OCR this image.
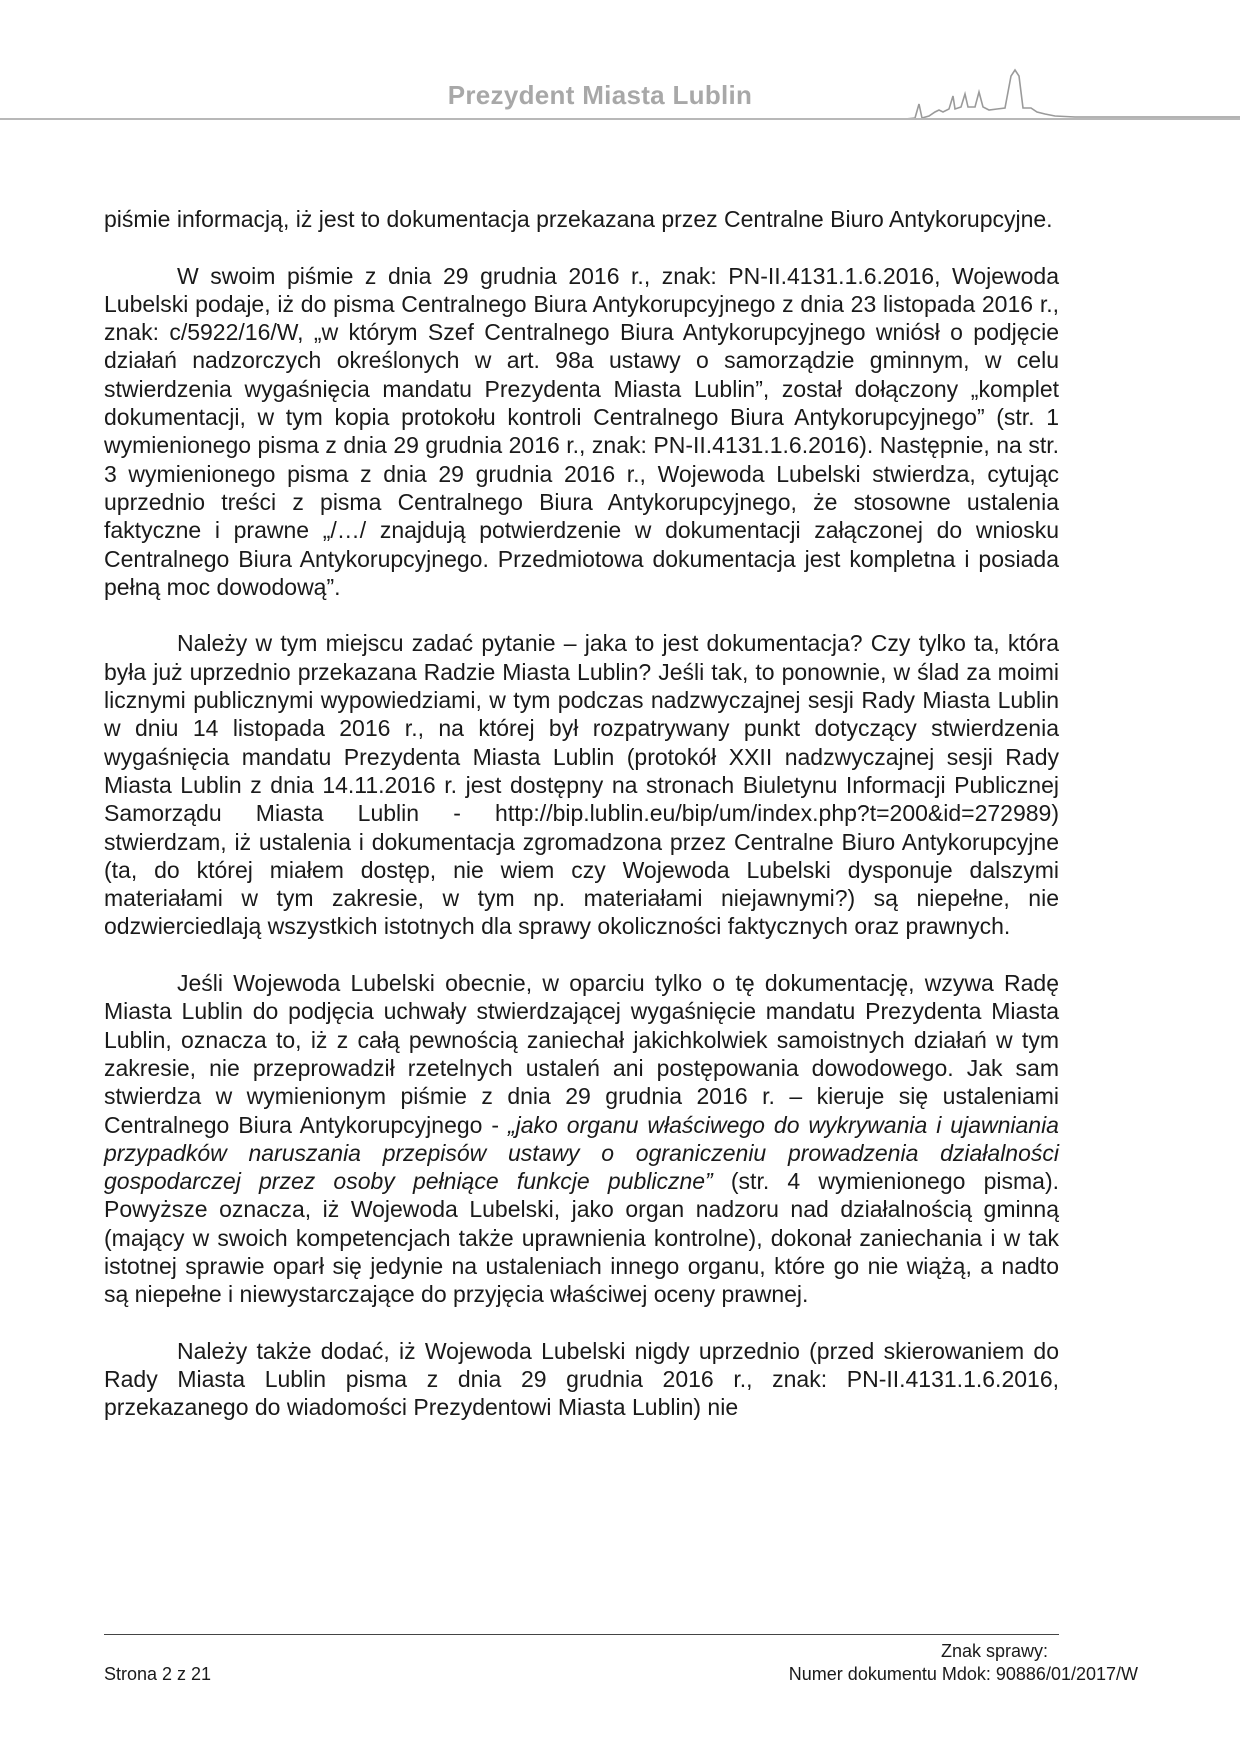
Prezydent Miasta Lublin

piśmie informacją, iż jest to dokumentacja przekazana przez Centralne Biuro Antykorupcyjne.

W swoim piśmie z dnia 29 grudnia 2016 r., znak: PN-II.4131.1.6.2016, Wojewoda Lubelski podaje, iż do pisma Centralnego Biura Antykorupcyjnego z dnia 23 listopada 2016 r., znak: c/5922/16/W, „w którym Szef Centralnego Biura Antykorupcyjnego wniósł o podjęcie działań nadzorczych określonych w art. 98a ustawy o samorządzie gminnym, w celu stwierdzenia wygaśnięcia mandatu Prezydenta Miasta Lublin”, został dołączony „komplet dokumentacji, w tym kopia protokołu kontroli Centralnego Biura Antykorupcyjnego” (str. 1 wymienionego pisma z dnia 29 grudnia 2016 r., znak: PN-II.4131.1.6.2016). Następnie, na str. 3 wymienionego pisma z dnia 29 grudnia 2016 r., Wojewoda Lubelski stwierdza, cytując uprzednio treści z pisma Centralnego Biura Antykorupcyjnego, że stosowne ustalenia faktyczne i prawne „/…/ znajdują potwierdzenie w dokumentacji załączonej do wniosku Centralnego Biura Antykorupcyjnego. Przedmiotowa dokumentacja jest kompletna i posiada pełną moc dowodową”.

Należy w tym miejscu zadać pytanie – jaka to jest dokumentacja? Czy tylko ta, która była już uprzednio przekazana Radzie Miasta Lublin? Jeśli tak, to ponownie, w ślad za moimi licznymi publicznymi wypowiedziami, w tym podczas nadzwyczajnej sesji Rady Miasta Lublin w dniu 14 listopada 2016 r., na której był rozpatrywany punkt dotyczący stwierdzenia wygaśnięcia mandatu Prezydenta Miasta Lublin (protokół XXII nadzwyczajnej sesji Rady Miasta Lublin z dnia 14.11.2016 r. jest dostępny na stronach Biuletynu Informacji Publicznej Samorządu Miasta Lublin - http://bip.lublin.eu/bip/um/index.php?t=200&id=272989) stwierdzam, iż ustalenia i dokumentacja zgromadzona przez Centralne Biuro Antykorupcyjne (ta, do której miałem dostęp, nie wiem czy Wojewoda Lubelski dysponuje dalszymi materiałami w tym zakresie, w tym np. materiałami niejawnymi?) są niepełne, nie odzwierciedlają wszystkich istotnych dla sprawy okoliczności faktycznych oraz prawnych.

Jeśli Wojewoda Lubelski obecnie, w oparciu tylko o tę dokumentację, wzywa Radę Miasta Lublin do podjęcia uchwały stwierdzającej wygaśnięcie mandatu Prezydenta Miasta Lublin, oznacza to, iż z całą pewnością zaniechał jakichkolwiek samoistnych działań w tym zakresie, nie przeprowadził rzetelnych ustaleń ani postępowania dowodowego. Jak sam stwierdza w wymienionym piśmie z dnia 29 grudnia 2016 r. – kieruje się ustaleniami Centralnego Biura Antykorupcyjnego - „jako organu właściwego do wykrywania i ujawniania przypadków naruszania przepisów ustawy o ograniczeniu prowadzenia działalności gospodarczej przez osoby pełniące funkcje publiczne” (str. 4 wymienionego pisma). Powyższe oznacza, iż Wojewoda Lubelski, jako organ nadzoru nad działalnością gminną (mający w swoich kompetencjach także uprawnienia kontrolne), dokonał zaniechania i w tak istotnej sprawie oparł się jedynie na ustaleniach innego organu, które go nie wiążą, a nadto są niepełne i niewystarczające do przyjęcia właściwej oceny prawnej.

Należy także dodać, iż Wojewoda Lubelski nigdy uprzednio (przed skierowaniem do Rady Miasta Lublin pisma z dnia 29 grudnia 2016 r., znak: PN-II.4131.1.6.2016, przekazanego do wiadomości Prezydentowi Miasta Lublin) nie

Znak sprawy:
Numer dokumentu Mdok: 90886/01/2017/W
Strona 2 z 21
